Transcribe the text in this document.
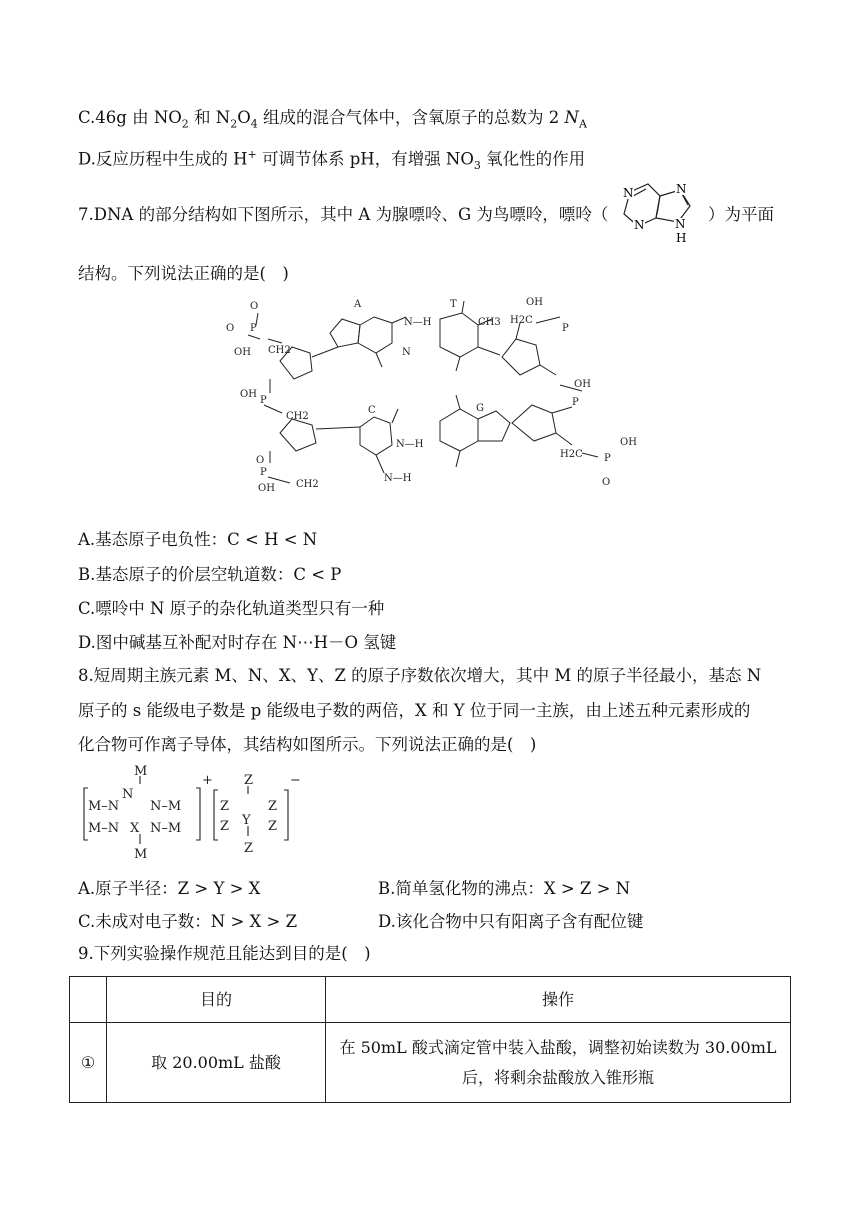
C.46g 由 $NO_2$ 和 $N_2O_4$ 组成的混合气体中，含氧原子的总数为 2 $N_A$
D.反应历程中生成的 H+ 可调节体系 pH，有增强 $NO_3$ 氧化性的作用
7.DNA 的部分结构如下图所示，其中 A 为腺嘌呤、G 为鸟嘌呤，嘌呤（
N
N
N
N
H
）为平面
结构。下列说法正确的是(　)
O
O P
OH CH2
A
N—H
T
CH3
N
OH
H2C
P
OH
P
OH
P
CH2
C	G
N—H
N—H
O
P
OH CH2
H2C P
OH
O
A.基态原子电负性：C < H < N
B.基态原子的价层空轨道数：C < P
C.嘌呤中 N 原子的杂化轨道类型只有一种
D.图中碱基互补配对时存在 N⋯H－O 氢键
8.短周期主族元素 M、N、X、Y、Z 的原子序数依次增大，其中 M 的原子半径最小，基态 N
原子的 s 能级电子数是 p 能级电子数的两倍，X 和 Y 位于同一主族，由上述五种元素形成的
化合物可作离子导体，其结构如图所示。下列说法正确的是(　)
M
M–N
N
N–M
M–N X N–M
M
+ Z
Z	Z
Y
Z	Z
Z
−
A.原子半径：Z > Y > X	B.简单氢化物的沸点：X > Z > N
C.未成对电子数：N > X > Z	D.该化合物中只有阳离子含有配位键
9.下列实验操作规范且能达到目的是(　)
	目的	操作
①	取 20.00mL 盐酸	在 50mL 酸式滴定管中装入盐酸，调整初始读数为 30.00mL
后，将剩余盐酸放入锥形瓶
